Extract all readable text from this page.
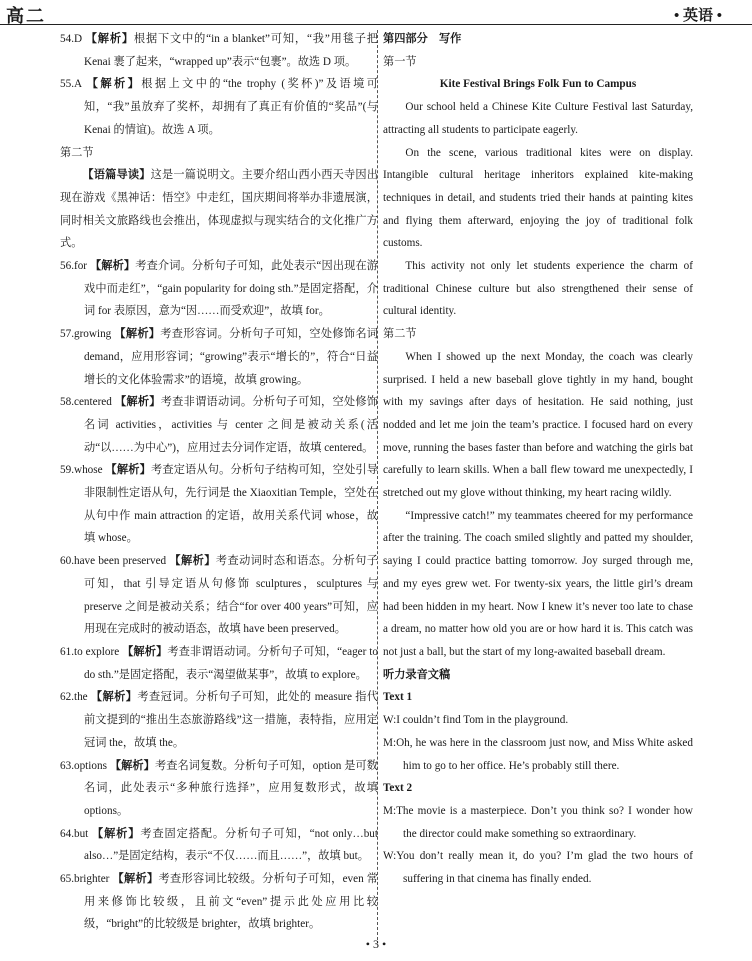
高二	• 英语 •
54.D 【解析】根据下文中的“in a blanket”可知，“我”用毯子把 Kenai 裹了起来，“wrapped up”表示“包裹”。故选 D 项。
55.A 【解析】根据上文中的“the trophy (奖杯)”及语境可知，“我”虽放弃了奖杯，却拥有了真正有价值的“奖品”(与 Kenai 的情谊)。故选 A 项。
第二节
【语篇导读】这是一篇说明文。主要介绍山西小西天寺因出现在游戏《黑神话：悟空》中走红，国庆期间将举办非遗展演，同时相关文旅路线也会推出，体现虚拟与现实结合的文化推广方式。
56.for 【解析】考查介词。分析句子可知，此处表示“因出现在游戏中而走红”，“gain popularity for doing sth.”是固定搭配，介词 for 表原因，意为“因……而受欢迎”，故填 for。
57.growing 【解析】考查形容词。分析句子可知，空处修饰名词 demand，应用形容词；“growing”表示“增长的”，符合“日益增长的文化体验需求”的语境，故填 growing。
58.centered 【解析】考查非谓语动词。分析句子可知，空处修饰名词 activities，activities 与 center 之间是被动关系(活动“以……为中心”)，应用过去分词作定语，故填 centered。
59.whose 【解析】考查定语从句。分析句子结构可知，空处引导非限制性定语从句，先行词是 the Xiaoxitian Temple，空处在从句中作 main attraction 的定语，故用关系代词 whose，故填 whose。
60.have been preserved 【解析】考查动词时态和语态。分析句子可知，that 引导定语从句修饰 sculptures，sculptures 与 preserve 之间是被动关系；结合“for over 400 years”可知，应用现在完成时的被动语态，故填 have been preserved。
61.to explore 【解析】考查非谓语动词。分析句子可知，“eager to do sth.”是固定搭配，表示“渴望做某事”，故填 to explore。
62.the 【解析】考查冠词。分析句子可知，此处的 measure 指代前文提到的“推出生态旅游路线”这一措施，表特指，应用定冠词 the，故填 the。
63.options 【解析】考查名词复数。分析句子可知，option 是可数名词，此处表示“多种旅行选择”，应用复数形式，故填 options。
64.but 【解析】考查固定搭配。分析句子可知，“not only…but also…”是固定结构，表示“不仅……而且……”，故填 but。
65.brighter 【解析】考查形容词比较级。分析句子可知，even 常用来修饰比较级，且前文“even”提示此处应用比较级，“bright”的比较级是 brighter，故填 brighter。
第四部分　写作
第一节
Kite Festival Brings Folk Fun to Campus
Our school held a Chinese Kite Culture Festival last Saturday, attracting all students to participate eagerly.
On the scene, various traditional kites were on display. Intangible cultural heritage inheritors explained kite-making techniques in detail, and students tried their hands at painting kites and flying them afterward, enjoying the joy of traditional folk customs.
This activity not only let students experience the charm of traditional Chinese culture but also strengthened their sense of cultural identity.
第二节
When I showed up the next Monday, the coach was clearly surprised. I held a new baseball glove tightly in my hand, bought with my savings after days of hesitation. He said nothing, just nodded and let me join the team’s practice. I focused hard on every move, running the bases faster than before and watching the girls bat carefully to learn skills. When a ball flew toward me unexpectedly, I stretched out my glove without thinking, my heart racing wildly.
“Impressive catch!” my teammates cheered for my performance after the training. The coach smiled slightly and patted my shoulder, saying I could practice batting tomorrow. Joy surged through me, and my eyes grew wet. For twenty-six years, the little girl’s dream had been hidden in my heart. Now I knew it’s never too late to chase a dream, no matter how old you are or how hard it is. This catch was not just a ball, but the start of my long-awaited baseball dream.
听力录音文稿
Text 1
W:I couldn’t find Tom in the playground.
M:Oh, he was here in the classroom just now, and Miss White asked him to go to her office. He’s probably still there.
Text 2
M:The movie is a masterpiece. Don’t you think so? I wonder how the director could make something so extraordinary.
W:You don’t really mean it, do you? I’m glad the two hours of suffering in that cinema has finally ended.
• 3 •
